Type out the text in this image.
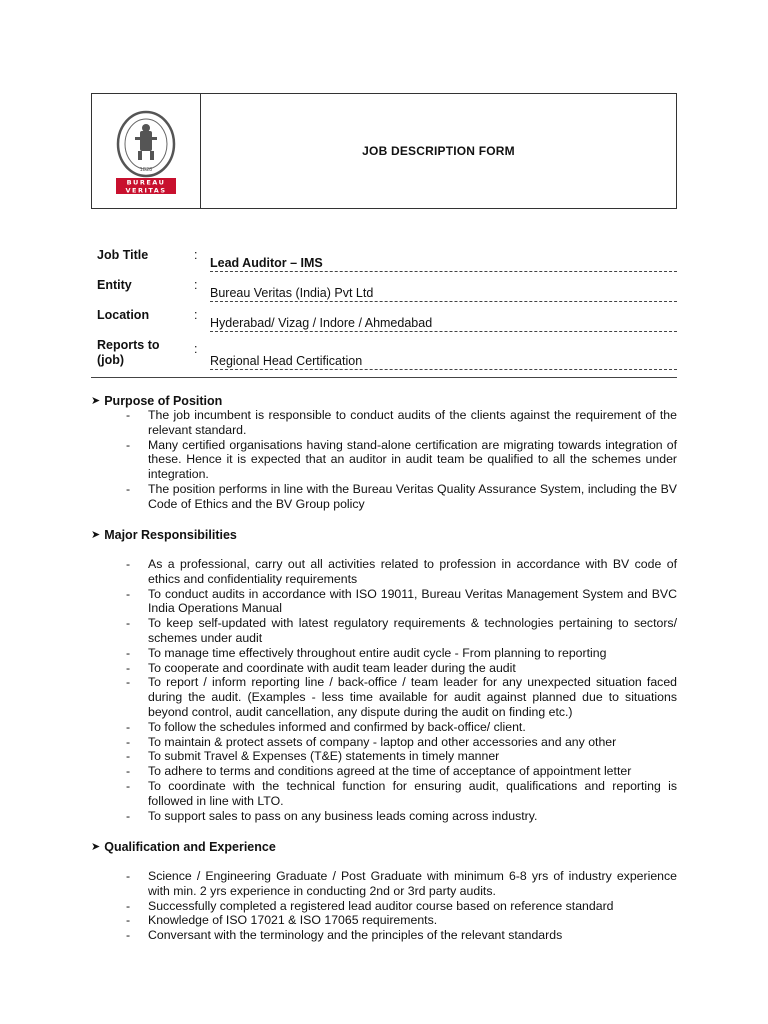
1828
BUREAU
VERITAS
JOB DESCRIPTION FORM
Job Title	:
Lead Auditor – IMS
Entity	:
Bureau Veritas (India) Pvt Ltd
Location	:
Hyderabad/ Vizag / Indore / Ahmedabad
Reports to (job)
:
Regional Head Certification
➤ Purpose of Position
- The job incumbent is responsible to conduct audits of the clients against the requirement of the relevant standard.
- Many certified organisations having stand-alone certification are migrating towards integration of these. Hence it is expected that an auditor in audit team be qualified to all the schemes under integration.
- The position performs in line with the Bureau Veritas Quality Assurance System, including the BV Code of Ethics and the BV Group policy
➤ Major Responsibilities
- As a professional, carry out all activities related to profession in accordance with BV code of ethics and confidentiality requirements
- To conduct audits in accordance with ISO 19011, Bureau Veritas Management System and BVC India Operations Manual
- To keep self-updated with latest regulatory requirements & technologies pertaining to sectors/ schemes under audit
- To manage time effectively throughout entire audit cycle - From planning to reporting
- To cooperate and coordinate with audit team leader during the audit
- To report / inform reporting line / back-office / team leader for any unexpected situation faced during the audit. (Examples - less time available for audit against planned due to situations beyond control, audit cancellation, any dispute during the audit on finding etc.)
- To follow the schedules informed and confirmed by back-office/ client.
- To maintain & protect assets of company - laptop and other accessories and any other
- To submit Travel & Expenses (T&E) statements in timely manner
- To adhere to terms and conditions agreed at the time of acceptance of appointment letter
- To coordinate with the technical function for ensuring audit, qualifications and reporting is followed in line with LTO.
- To support sales to pass on any business leads coming across industry.
➤ Qualification and Experience
- Science / Engineering Graduate / Post Graduate with minimum 6-8 yrs of industry experience with min. 2 yrs experience in conducting 2nd or 3rd party audits.
- Successfully completed a registered lead auditor course based on reference standard
- Knowledge of ISO 17021 & ISO 17065 requirements.
- Conversant with the terminology and the principles of the relevant standards
